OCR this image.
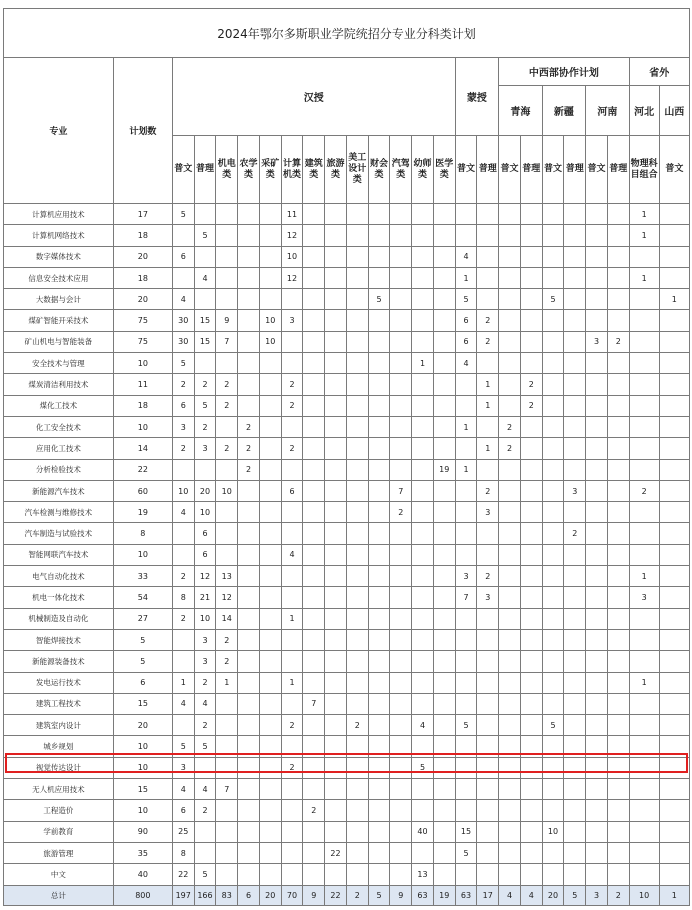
2024年鄂尔多斯职业学院统招分专业分科类计划																								
专业	计划数	汉授													蒙授		中西部协作计划						省外	
																	青海		新疆		河南		河北	山西
		普文	普理	机电类	农学类	采矿类	计算机类	建筑类	旅游类	美工设计类	财会类	汽驾类	幼师类	医学类	普文	普理	普文	普理	普文	普理	普文	普理	物理科目组合	普文
计算机应用技术	17	5					11																1	
计算机网络技术	18		5				12																1	
数字媒体技术	20	6					10								4									
信息安全技术应用	18		4				12								1								1	
大数据与会计	20	4									5				5				5					1
煤矿智能开采技术	75	30	15	9		10	3								6	2								
矿山机电与智能装备	75	30	15	7		10									6	2					3	2		
安全技术与管理	10	5											1		4									
煤炭清洁利用技术	11	2	2	2			2									1		2						
煤化工技术	18	6	5	2			2									1		2						
化工安全技术	10	3	2		2										1		2							
应用化工技术	14	2	3	2	2		2									1	2							
分析检验技术	22				2									19	1									
新能源汽车技术	60	10	20	10			6					7				2				3			2	
汽车检测与维修技术	19	4	10									2				3								
汽车制造与试验技术	8		6																	2				
智能网联汽车技术	10		6				4																	
电气自动化技术	33	2	12	13											3	2							1	
机电一体化技术	54	8	21	12											7	3							3	
机械制造及自动化	27	2	10	14			1																	
智能焊接技术	5		3	2																				
新能源装备技术	5		3	2																				
发电运行技术	6	1	2	1			1																1	
建筑工程技术	15	4	4					7																
建筑室内设计	20		2				2			2			4		5				5					
城乡规划	10	5	5																					
视觉传达设计	10	3					2						5											
无人机应用技术	15	4	4	7																				
工程造价	10	6	2					2																
学前教育	90	25											40		15				10					
旅游管理	35	8							22						5									
中文	40	22	5										13											
总计	800	197	166	83	6	20	70	9	22	2	5	9	63	19	63	17	4	4	20	5	3	2	10	1
